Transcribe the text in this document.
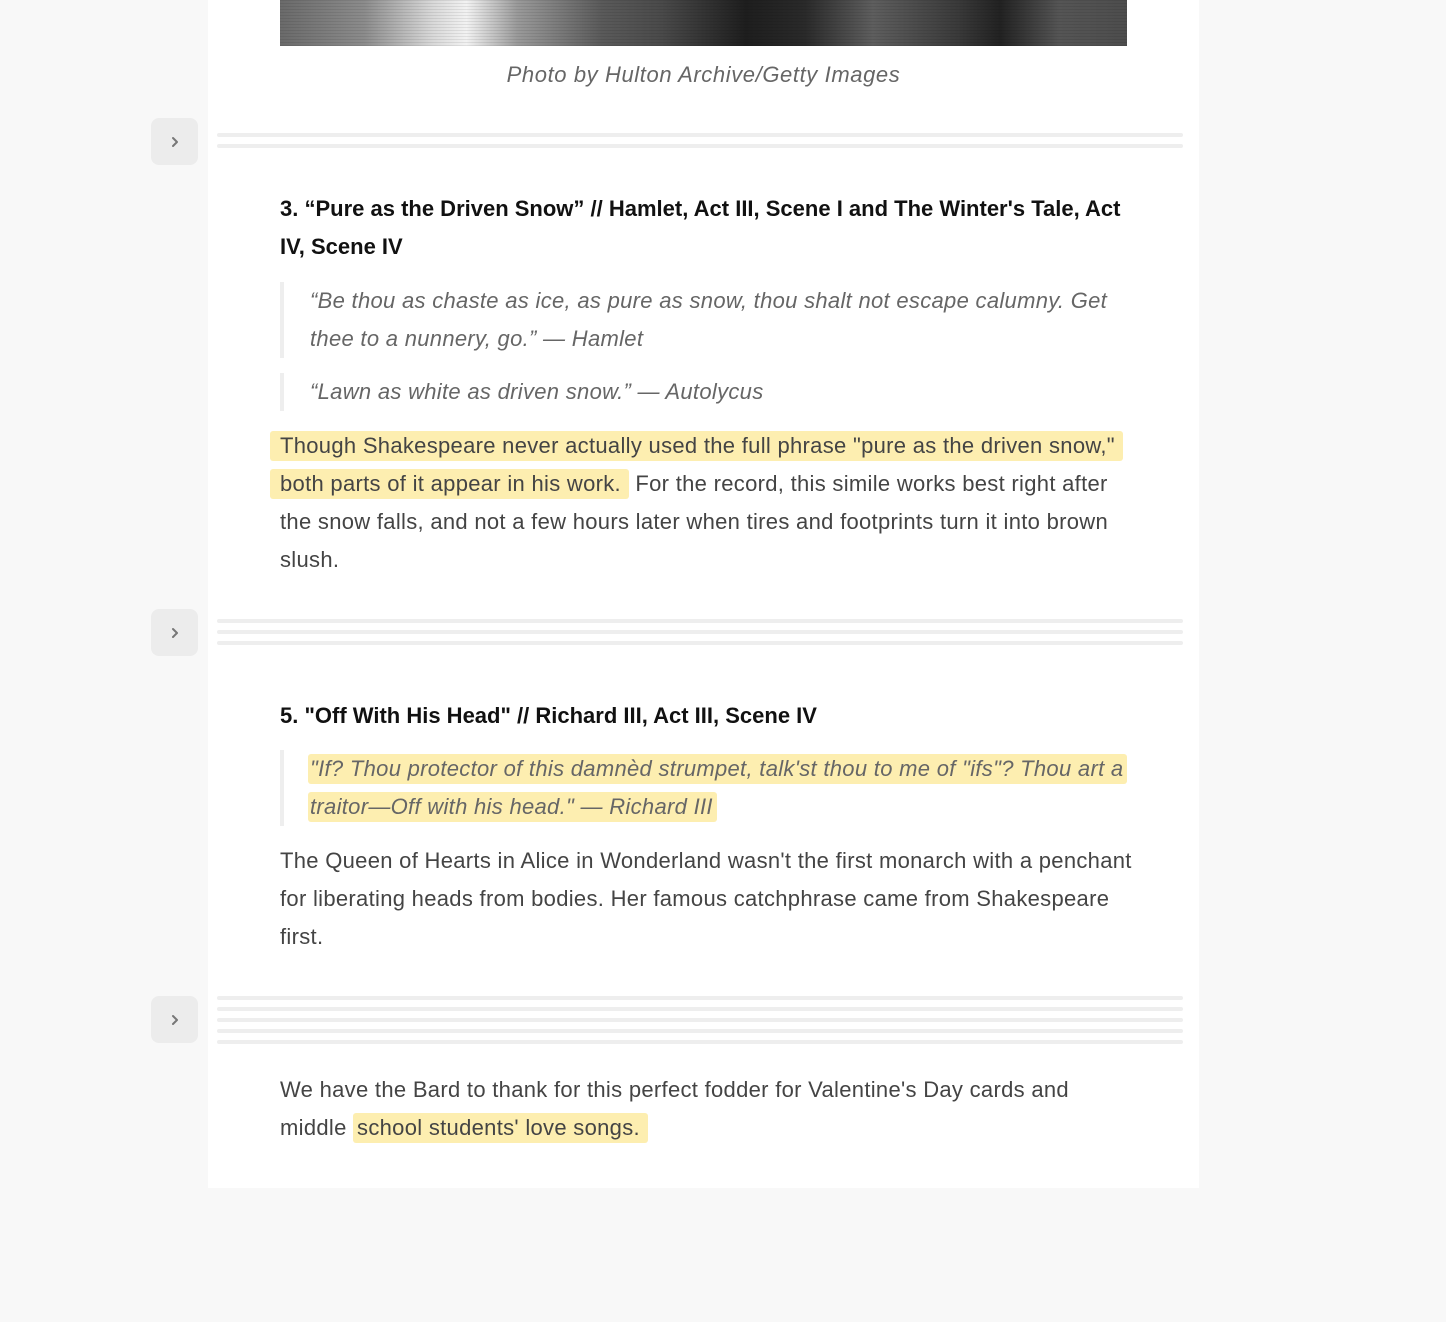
Photo by Hulton Archive/Getty Images
3. “Pure as the Driven Snow” // Hamlet, Act III, Scene I and The Winter's Tale, Act IV, Scene IV
“Be thou as chaste as ice, as pure as snow, thou shalt not escape calumny. Get thee to a nunnery, go.” — Hamlet
“Lawn as white as driven snow.” — Autolycus
Though Shakespeare never actually used the full phrase "pure as the driven snow," both parts of it appear in his work. For the record, this simile works best right after the snow falls, and not a few hours later when tires and footprints turn it into brown slush.
5. "Off With His Head" // Richard III, Act III, Scene IV
"If? Thou protector of this damnèd strumpet, talk'st thou to me of "ifs"? Thou art a traitor—Off with his head." — Richard III
The Queen of Hearts in Alice in Wonderland wasn't the first monarch with a penchant for liberating heads from bodies. Her famous catchphrase came from Shakespeare first.
We have the Bard to thank for this perfect fodder for Valentine's Day cards and middle school students' love songs.
